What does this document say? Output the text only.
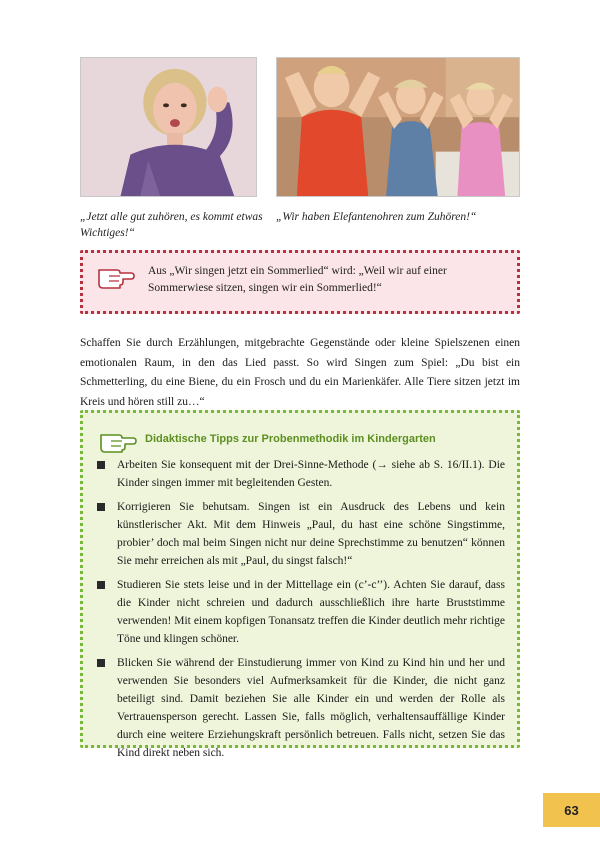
„Jetzt alle gut zuhören, es kommt etwas Wichtiges!“
„Wir haben Elefantenohren zum Zuhören!“
Aus „Wir singen jetzt ein Sommerlied“ wird: „Weil wir auf einer Sommerwiese sitzen, singen wir ein Sommerlied!“
Schaffen Sie durch Erzählungen, mitgebrachte Gegenstände oder kleine Spielszenen einen emotionalen Raum, in den das Lied passt. So wird Singen zum Spiel: „Du bist ein Schmetterling, du eine Biene, du ein Frosch und du ein Marienkäfer. Alle Tiere sitzen jetzt im Kreis und hören still zu…“
Didaktische Tipps zur Probenmethodik im Kindergarten
Arbeiten Sie konsequent mit der Drei-Sinne-Methode (→ siehe ab S. 16/II.1). Die Kinder singen immer mit begleitenden Gesten.
Korrigieren Sie behutsam. Singen ist ein Ausdruck des Lebens und kein künstlerischer Akt. Mit dem Hinweis „Paul, du hast eine schöne Singstimme, probier’ doch mal beim Singen nicht nur deine Sprechstimme zu benutzen“ können Sie mehr erreichen als mit „Paul, du singst falsch!“
Studieren Sie stets leise und in der Mittellage ein (c’-c’’). Achten Sie darauf, dass die Kinder nicht schreien und dadurch ausschließlich ihre harte Bruststimme verwenden! Mit einem kopfigen Tonansatz treffen die Kinder deutlich mehr richtige Töne und klingen schöner.
Blicken Sie während der Einstudierung immer von Kind zu Kind hin und her und verwenden Sie besonders viel Aufmerksamkeit für die Kinder, die nicht ganz beteiligt sind. Damit beziehen Sie alle Kinder ein und werden der Rolle als Vertrauensperson gerecht. Lassen Sie, falls möglich, verhaltensauffällige Kinder durch eine weitere Erziehungskraft persönlich betreuen. Falls nicht, setzen Sie das Kind direkt neben sich.
63
